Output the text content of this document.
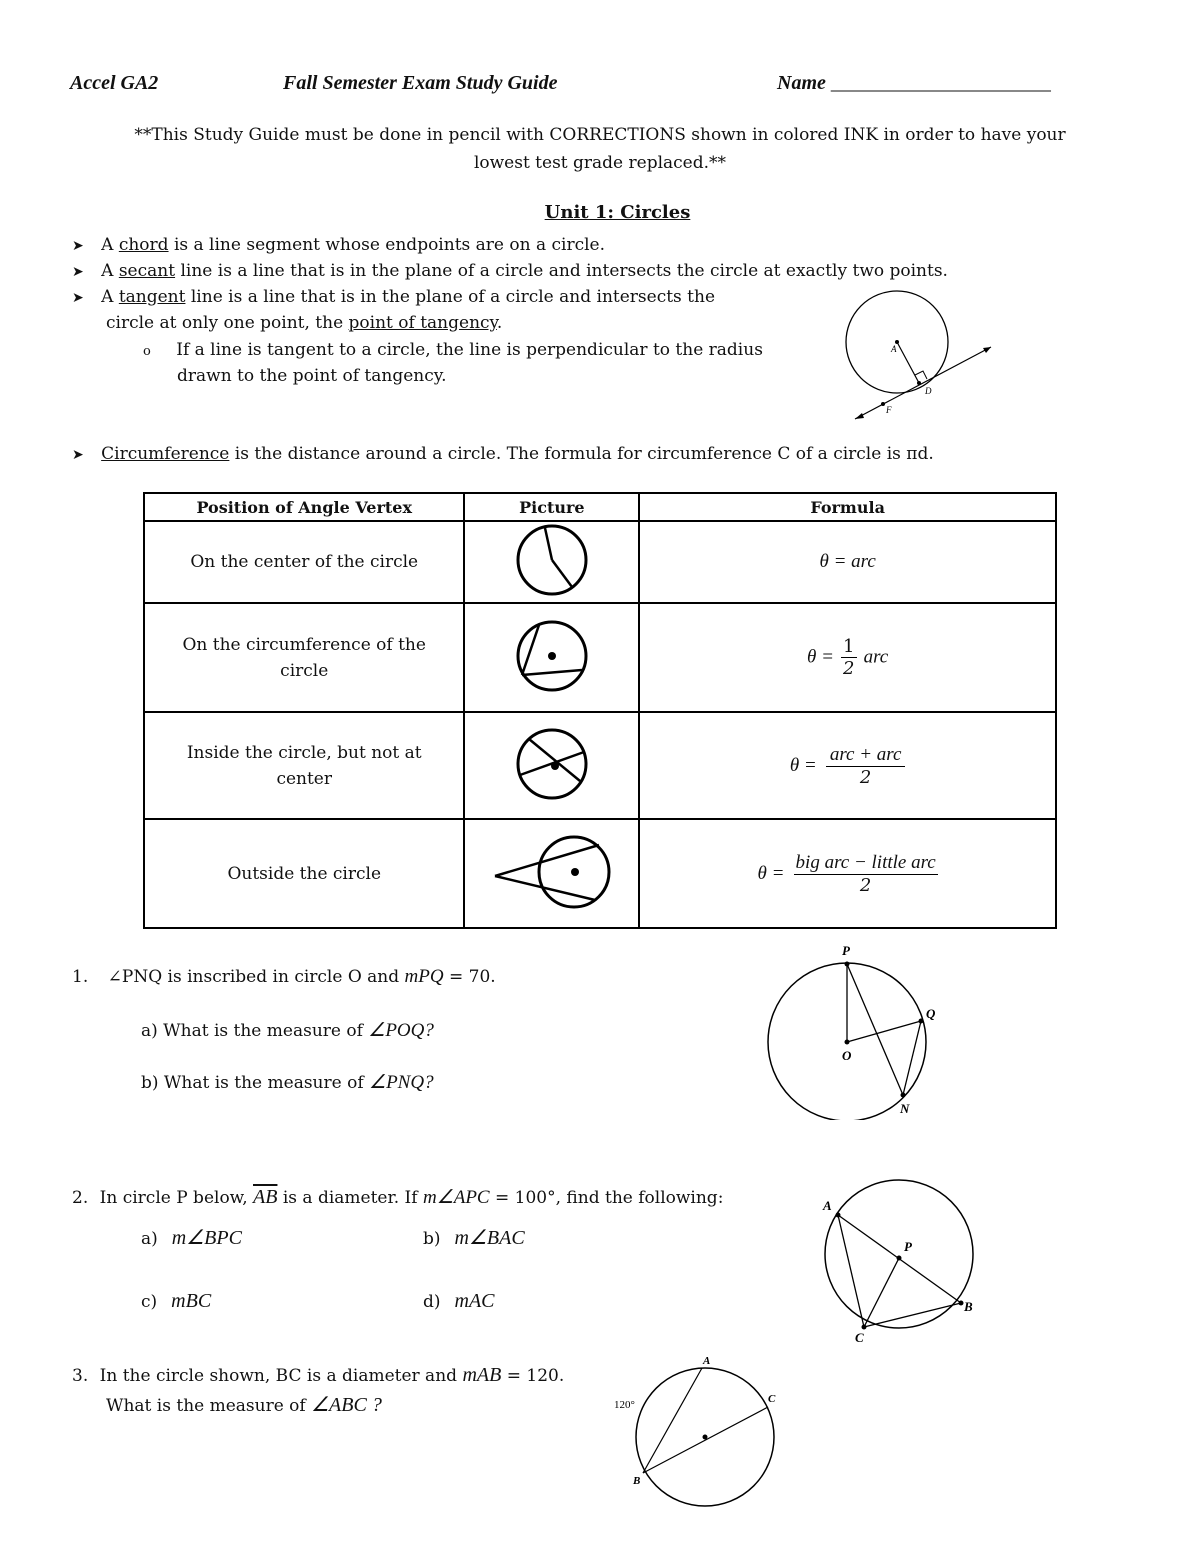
Accel GA2	Fall Semester Exam Study Guide	Name ______________________
**This Study Guide must be done in pencil with CORRECTIONS shown in colored INK in order to have your
lowest test grade replaced.**
Unit 1: Circles
➤ A chord is a line segment whose endpoints are on a circle.
➤ A secant line is a line that is in the plane of a circle and intersects the circle at exactly two points.
➤ A tangent line is a line that is in the plane of a circle and intersects the
circle at only one point, the point of tangency.
o If a line is tangent to a circle, the line is perpendicular to the radius
drawn to the point of tangency.
A
D
F
➤ Circumference is the distance around a circle. The formula for circumference C of a circle is πd.
Position of Angle Vertex	Picture	Formula
On the center of the circle		θ = arc
On the circumference of the circle		$\theta = \frac{1}{2}$ arc
Inside the circle, but not at center		θ =
arc + arc
2

Outside the circle		θ =
big arc − little arc
2
1. ∠PNQ is inscribed in circle O and mPQ = 70.
a) What is the measure of ∠POQ?
b) What is the measure of ∠PNQ?
P
Q
O
N
2. In circle P below, $\overline{AB}$ is a diameter. If m∠APC = 100°, find the following:
a) m∠BPC	b) m∠BAC
c) mBC	d) mAC
A
P
B
C
3. In the circle shown, BC is a diameter and mAB = 120.
What is the measure of ∠ABC ?
A
C
B
120°
